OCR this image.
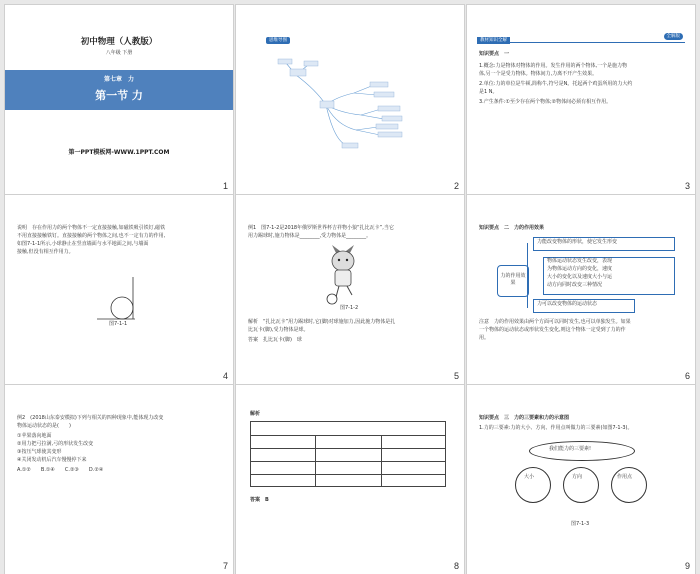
初中物理（人教版）
八年级 下册
第七章　力
第一节 力
第一PPT模板网-WWW.1PPT.COM
1
思维导图
2
教材知识全解
全解版
知识要点　一
1.概念:力是物体对物体的作用。发生作用的两个物体,一个是施力物
体,另一个是受力物体。物体间力,力离不开产生效果。
2.单位:力的单位是牛顿,简称牛,符号是N。托起两个鸡蛋所用的力大约
是1 N。
3.产生条件:①至少存在两个物体;②物体间必须有相互作用。
3
说明　存在作用力的两个物体不一定直接接触,如磁铁吸引铁钉,磁铁
不用直接接触铁钉。直接接触的两个物体之间,也不一定有力的作用,
如图7-1-1所示,小球静止在竖直墙面与水平地面之间,与墙面
接触,但没有相互作用力。
图7-1-1
4
例1　图7-1-2是2018年俄罗斯世界杯吉祥物小狼“扎比瓦卡”,当它
用力踢球时,施力物体是________,受力物体是________。
图7-1-2
解析　“扎比瓦卡”用力踢球时,它(脚)对球施加力,因此施力物体是扎
比瓦卡(脚),受力物体是球。
答案　扎比瓦卡(脚)　球
5
知识要点　二　力的作用效果
力的作用效果
力能改变物体的形状，使它发生形变
物体运动状态发生改变，表现
为物体运动方向的变化，速度
大小的变化以及速度大小与运
动方向同时改变三种情况
力可以改变物体的运动状态
注意　力的作用效果由两个方面可以同时发生,也可以单独发生。如果
一个物体的运动状态或形状发生变化,则这个物体一定受到了力的作
用。
6
例2　(2018山东泰安模拟)下列与相关的四种现象中,能体现力改变
物体运动状态的是(　　)
①苹果落向地面
②用力把弓拉满,弓的形状发生改变
③按压气球使其变形
④关闭发动机后汽车慢慢停下来
A.①②　　B.①④　　C.②③　　D.②④
7
解析
答案　B
8
知识要点　三　力的三要素和力的示意图
1.力的三要素:力的大小、方向、作用点叫做力的三要素(如图7-1-3)。
我们能力的三要素!
大小	方向	作用点
图7-1-3
9
